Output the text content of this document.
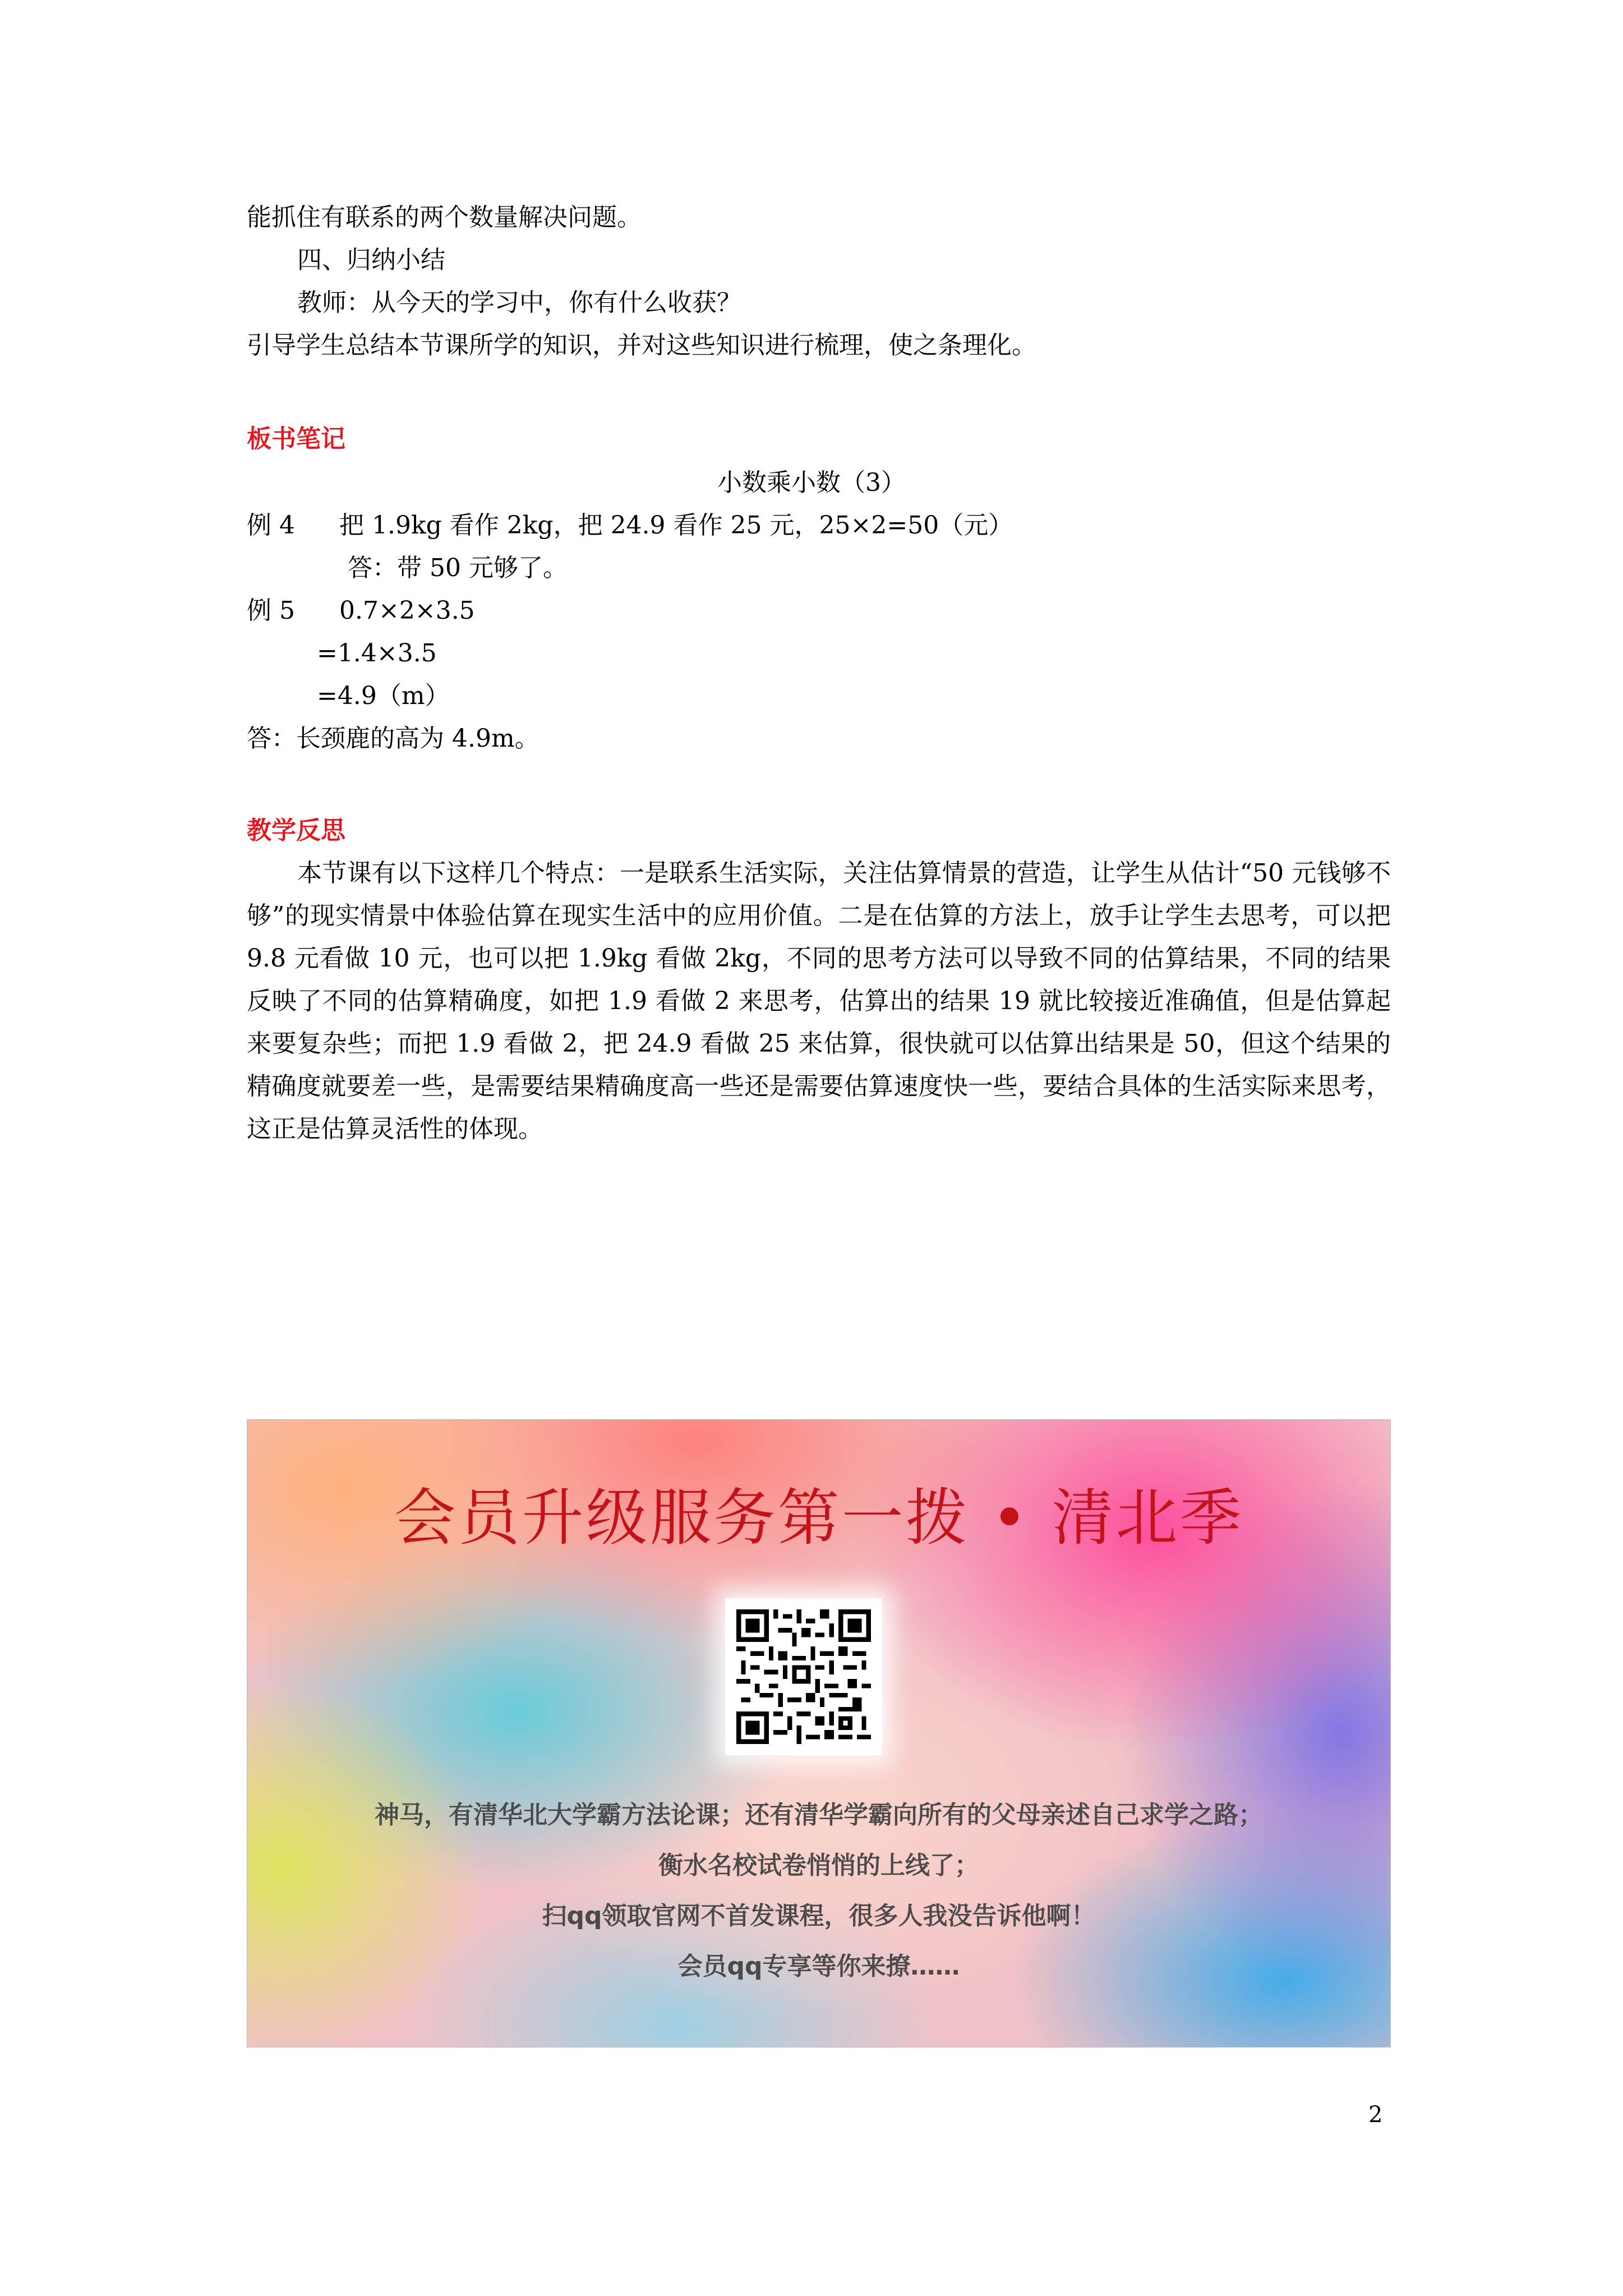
能抓住有联系的两个数量解决问题。
四、归纳小结
教师：从今天的学习中，你有什么收获？
引导学生总结本节课所学的知识，并对这些知识进行梳理，使之条理化。
板书笔记
小数乘小数（3）
例 4 把 1.9kg 看作 2kg，把 24.9 看作 25 元，25×2=50（元）
答：带 50 元够了。
例 5 0.7×2×3.5
=1.4×3.5
=4.9（m）
答：长颈鹿的高为 4.9m。
教学反思
本节课有以下这样几个特点：一是联系生活实际，关注估算情景的营造，让学生从估计“50 元钱够不够”的现实情景中体验估算在现实生活中的应用价值。二是在估算的方法上，放手让学生去思考，可以把 9.8 元看做 10 元，也可以把 1.9kg 看做 2kg，不同的思考方法可以导致不同的估算结果，不同的结果反映了不同的估算精确度，如把 1.9 看做 2 来思考，估算出的结果 19 就比较接近准确值，但是估算起来要复杂些；而把 1.9 看做 2，把 24.9 看做 25 来估算，很快就可以估算出结果是 50，但这个结果的精确度就要差一些，是需要结果精确度高一些还是需要估算速度快一些，要结合具体的生活实际来思考，这正是估算灵活性的体现。
会员升级服务第一拨 • 清北季
神马，有清华北大学霸方法论课；还有清华学霸向所有的父母亲述自己求学之路；
衡水名校试卷悄悄的上线了；
扫qq领取官网不首发课程，很多人我没告诉他啊！
会员qq专享等你来撩……
2
